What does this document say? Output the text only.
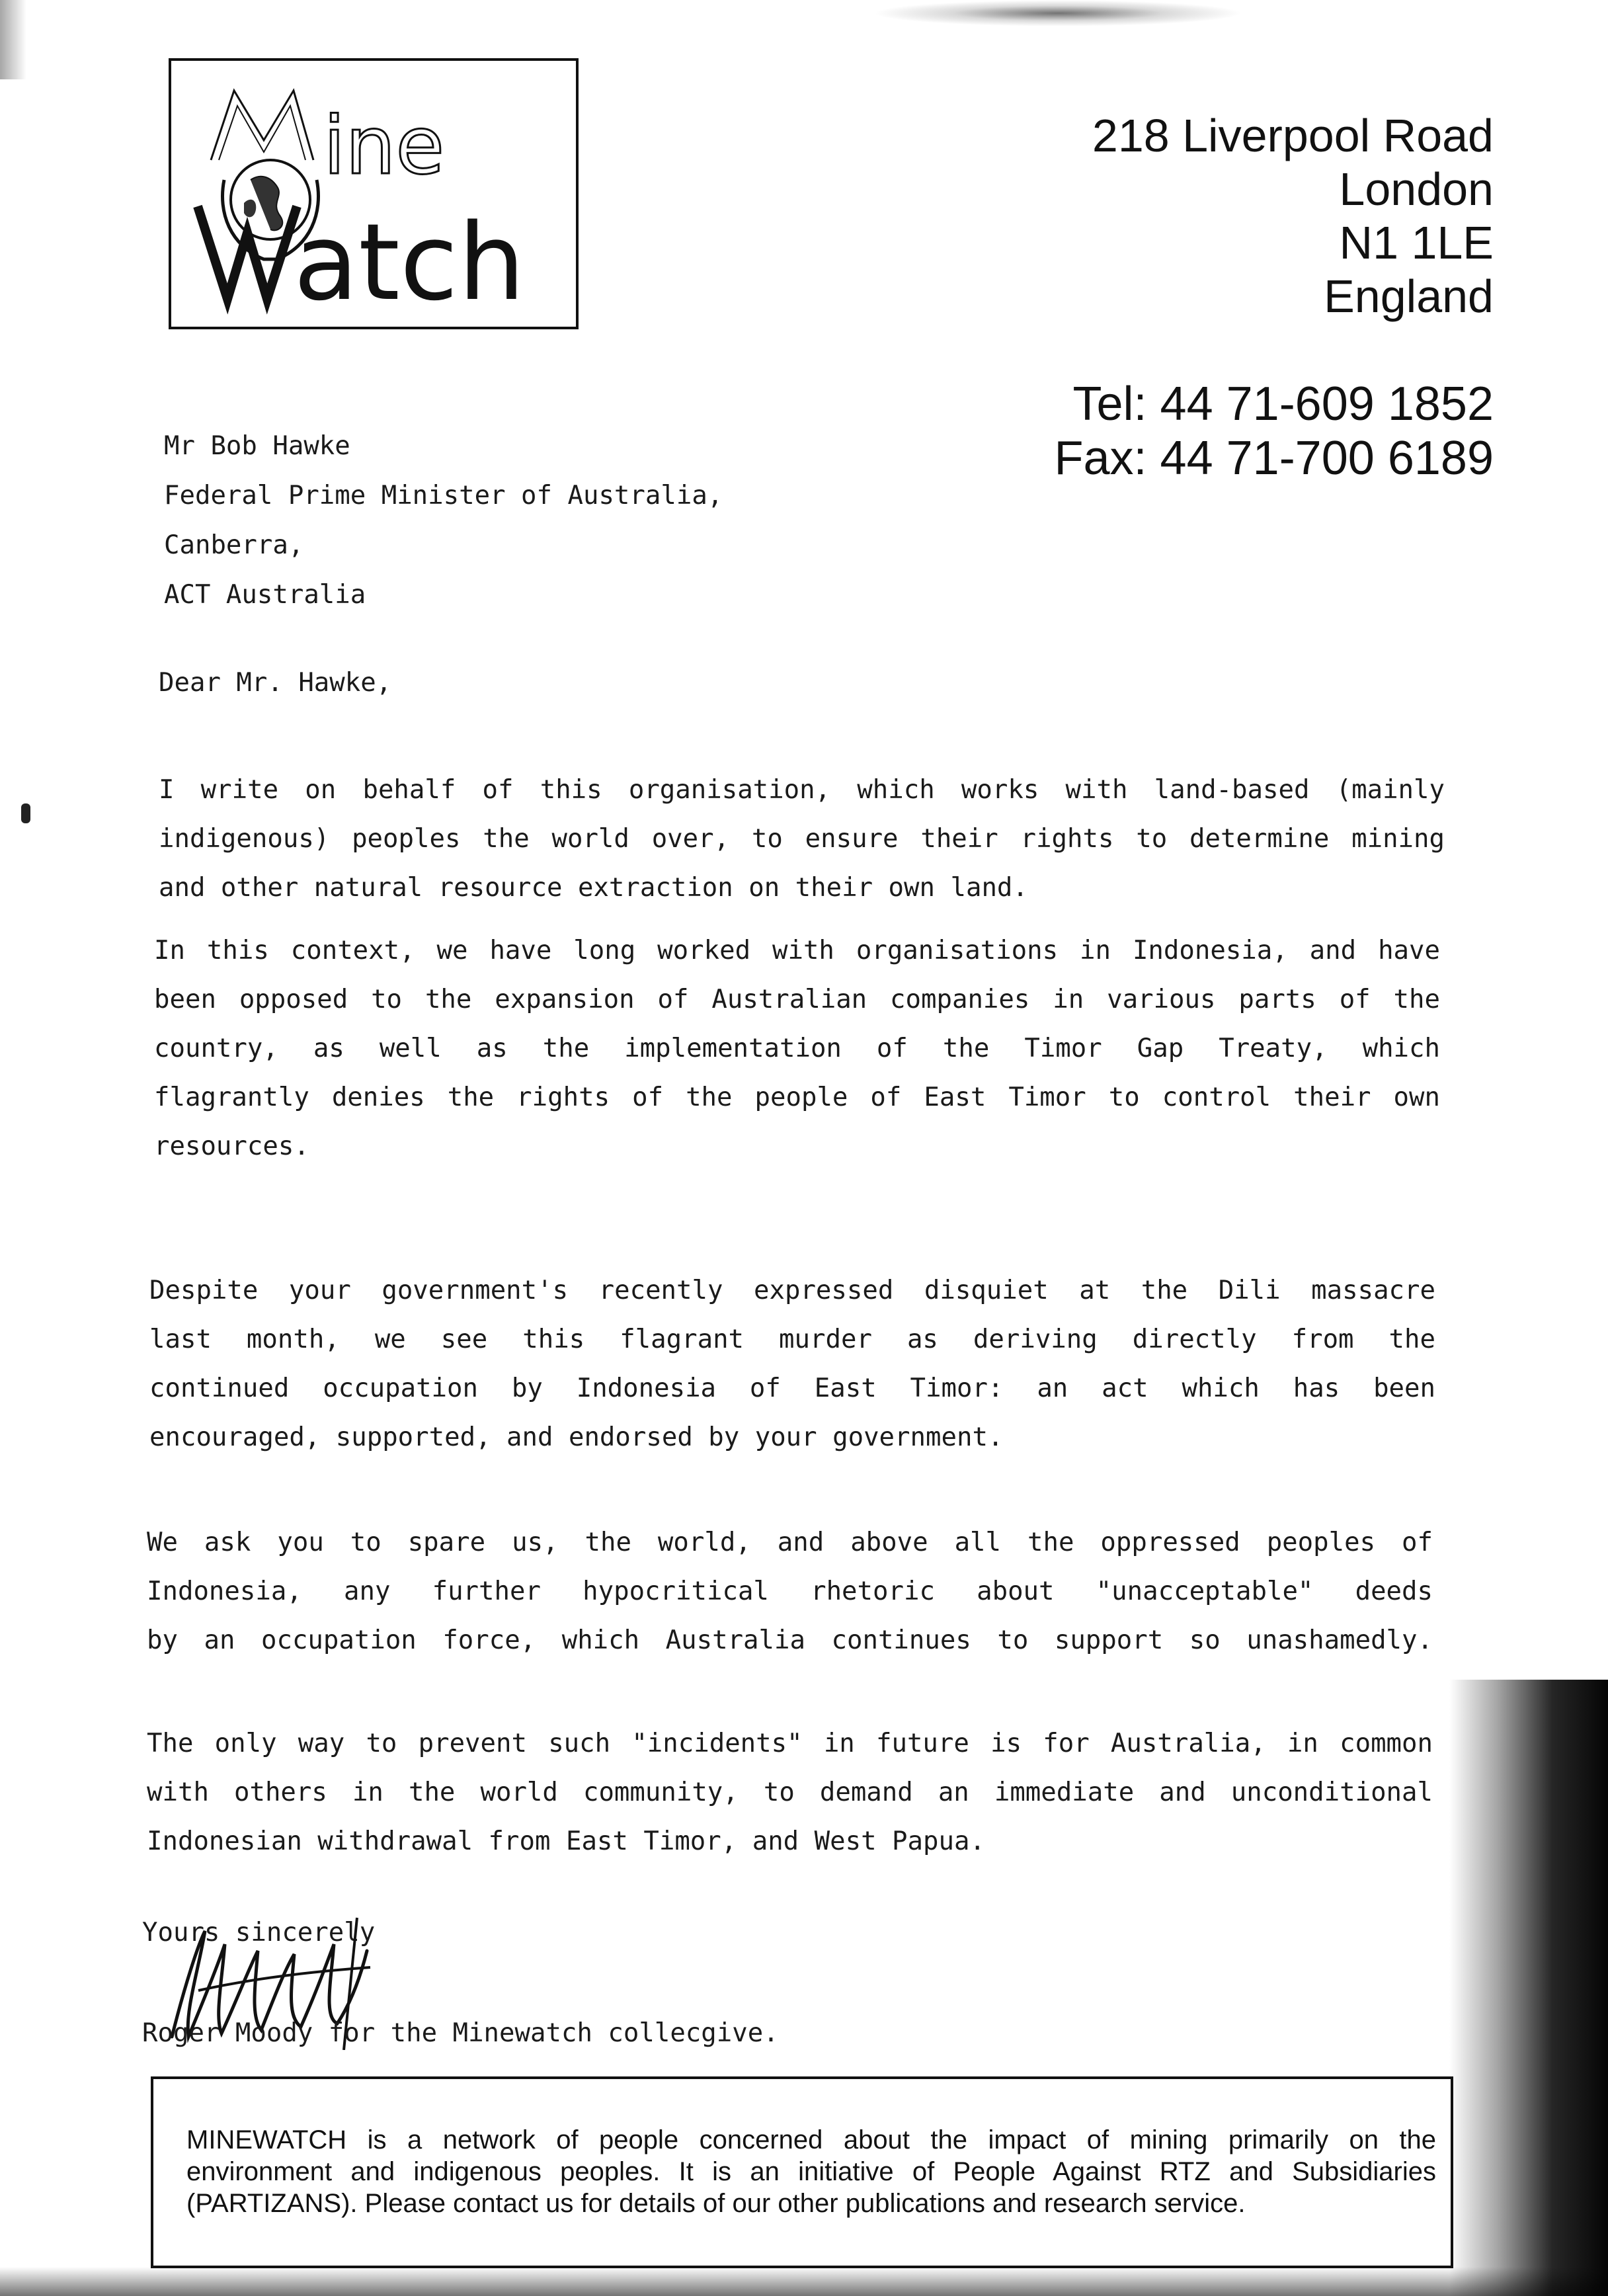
ine
atch
218 Liverpool Road
London
N1 1LE
England
Tel: 44 71-609 1852
Fax: 44 71-700 6189
Mr Bob Hawke
Federal Prime Minister of Australia,
Canberra,
ACT Australia
Dear Mr. Hawke,
I write on behalf of this organisation, which works with land-based (mainly
indigenous) peoples the world over, to ensure their rights to determine mining
and other natural resource extraction on their own land.
In this context, we have long worked with organisations in Indonesia, and have
been opposed to the expansion of Australian companies in various parts of the
country, as well as the implementation of the Timor Gap Treaty, which
flagrantly denies the rights of the people of East Timor to control their own
resources.
Despite your government's recently expressed disquiet at the Dili massacre
last month, we see this flagrant murder as deriving directly from the
continued occupation by Indonesia of East Timor: an act which has been
encouraged, supported, and endorsed by your government.
We ask you to spare us, the world, and above all the oppressed peoples of
Indonesia, any further hypocritical rhetoric about "unacceptable" deeds
by an occupation force, which Australia continues to support so unashamedly.
The only way to prevent such "incidents" in future is for Australia, in common
with others in the world community, to demand an immediate and unconditional
Indonesian withdrawal from East Timor, and West Papua.
Yours sincerely
Roger Moody for the Minewatch collecgive.
MINEWATCH is a network of people concerned about the impact of mining primarily on the
environment and indigenous peoples. It is an initiative of People Against RTZ and Subsidiaries
(PARTIZANS). Please contact us for details of our other publications and research service.
